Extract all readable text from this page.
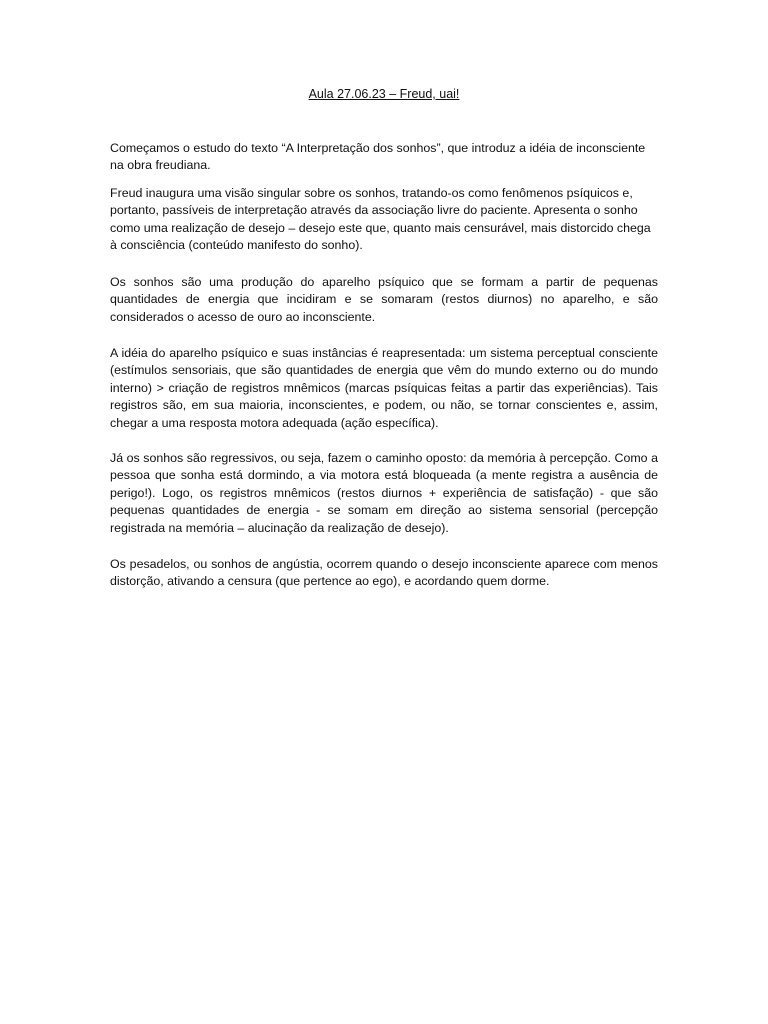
Aula 27.06.23 – Freud, uai!

Começamos o estudo do texto “A Interpretação dos sonhos”, que introduz a idéia de inconsciente na obra freudiana.

Freud inaugura uma visão singular sobre os sonhos, tratando-os como fenômenos psíquicos e, portanto, passíveis de interpretação através da associação livre do paciente. Apresenta o sonho como uma realização de desejo – desejo este que, quanto mais censurável, mais distorcido chega à consciência (conteúdo manifesto do sonho).

Os sonhos são uma produção do aparelho psíquico que se formam a partir de pequenas quantidades de energia que incidiram e se somaram (restos diurnos) no aparelho, e são considerados o acesso de ouro ao inconsciente.

A idéia do aparelho psíquico e suas instâncias é reapresentada: um sistema perceptual consciente (estímulos sensoriais, que são quantidades de energia que vêm do mundo externo ou do mundo interno) > criação de registros mnêmicos (marcas psíquicas feitas a partir das experiências). Tais registros são, em sua maioria, inconscientes, e podem, ou não, se tornar conscientes e, assim, chegar a uma resposta motora adequada (ação específica).

Já os sonhos são regressivos, ou seja, fazem o caminho oposto: da memória à percepção. Como a pessoa que sonha está dormindo, a via motora está bloqueada (a mente registra a ausência de perigo!). Logo, os registros mnêmicos (restos diurnos + experiência de satisfação) - que são pequenas quantidades de energia - se somam em direção ao sistema sensorial (percepção registrada na memória – alucinação da realização de desejo).

Os pesadelos, ou sonhos de angústia, ocorrem quando o desejo inconsciente aparece com menos distorção, ativando a censura (que pertence ao ego), e acordando quem dorme.
